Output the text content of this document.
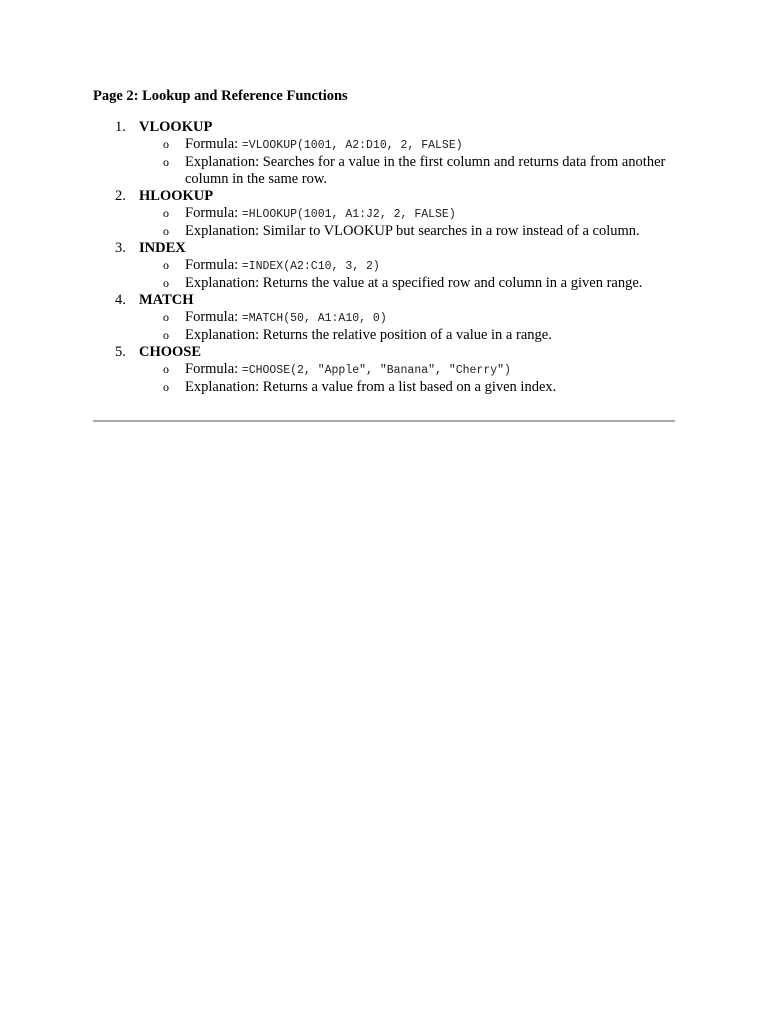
Page 2: Lookup and Reference Functions
1. VLOOKUP
o Formula: =VLOOKUP(1001, A2:D10, 2, FALSE)
o Explanation: Searches for a value in the first column and returns data from another column in the same row.
2. HLOOKUP
o Formula: =HLOOKUP(1001, A1:J2, 2, FALSE)
o Explanation: Similar to VLOOKUP but searches in a row instead of a column.
3. INDEX
o Formula: =INDEX(A2:C10, 3, 2)
o Explanation: Returns the value at a specified row and column in a given range.
4. MATCH
o Formula: =MATCH(50, A1:A10, 0)
o Explanation: Returns the relative position of a value in a range.
5. CHOOSE
o Formula: =CHOOSE(2, "Apple", "Banana", "Cherry")
o Explanation: Returns a value from a list based on a given index.
